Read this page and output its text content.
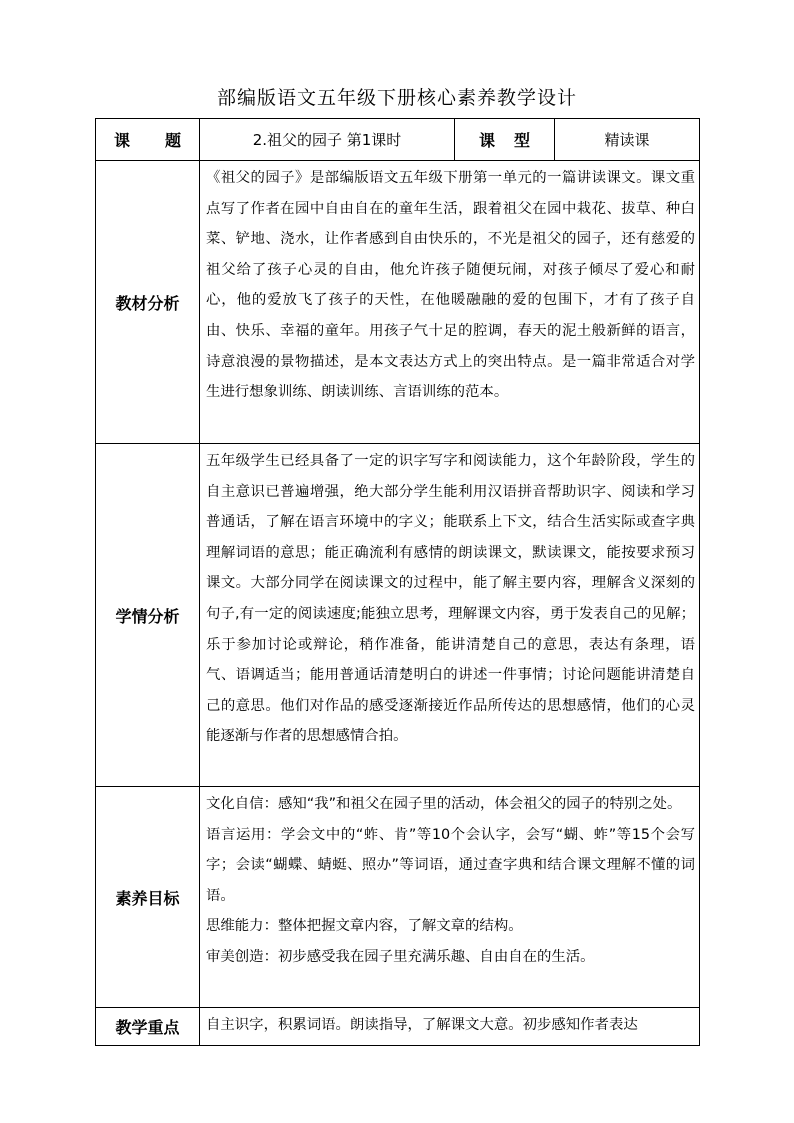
部编版语文五年级下册核心素养教学设计
课 题	2.祖父的园子 第1课时	课 型	精读课

教材分析	《祖父的园子》是部编版语文五年级下册第一单元的一篇讲读课文。课文重点写了作者在园中自由自在的童年生活，跟着祖父在园中栽花、拔草、种白菜、铲地、浇水，让作者感到自由快乐的，不光是祖父的园子，还有慈爱的祖父给了孩子心灵的自由，他允许孩子随便玩闹，对孩子倾尽了爱心和耐心，他的爱放飞了孩子的天性，在他暖融融的爱的包围下，才有了孩子自由、快乐、幸福的童年。用孩子气十足的腔调，春天的泥土般新鲜的语言，诗意浪漫的景物描述，是本文表达方式上的突出特点。是一篇非常适合对学生进行想象训练、朗读训练、言语训练的范本。		

学情分析	五年级学生已经具备了一定的识字写字和阅读能力，这个年龄阶段，学生的自主意识已普遍增强，绝大部分学生能利用汉语拼音帮助识字、阅读和学习普通话，了解在语言环境中的字义；能联系上下文，结合生活实际或查字典理解词语的意思；能正确流利有感情的朗读课文，默读课文，能按要求预习课文。大部分同学在阅读课文的过程中，能了解主要内容，理解含义深刻的句子,有一定的阅读速度;能独立思考，理解课文内容，勇于发表自己的见解；乐于参加讨论或辩论，稍作准备，能讲清楚自己的意思，表达有条理，语气、语调适当；能用普通话清楚明白的讲述一件事情；讨论问题能讲清楚自己的意思。他们对作品的感受逐渐接近作品所传达的思想感情，他们的心灵能逐渐与作者的思想感情合拍。		

素养目标	文化自信：感知“我”和祖父在园子里的活动，体会祖父的园子的特别之处。
语言运用：学会文中的“蚱、肯”等10个会认字，会写“蝴、蚱”等15个会写字；会读“蝴蝶、蜻蜓、照办”等词语，通过查字典和结合课文理解不懂的词语。
思维能力：整体把握文章内容，了解文章的结构。
审美创造：初步感受我在园子里充满乐趣、自由自在的生活。		

教学重点	自主识字，积累词语。朗读指导，了解课文大意。初步感知作者表达		
